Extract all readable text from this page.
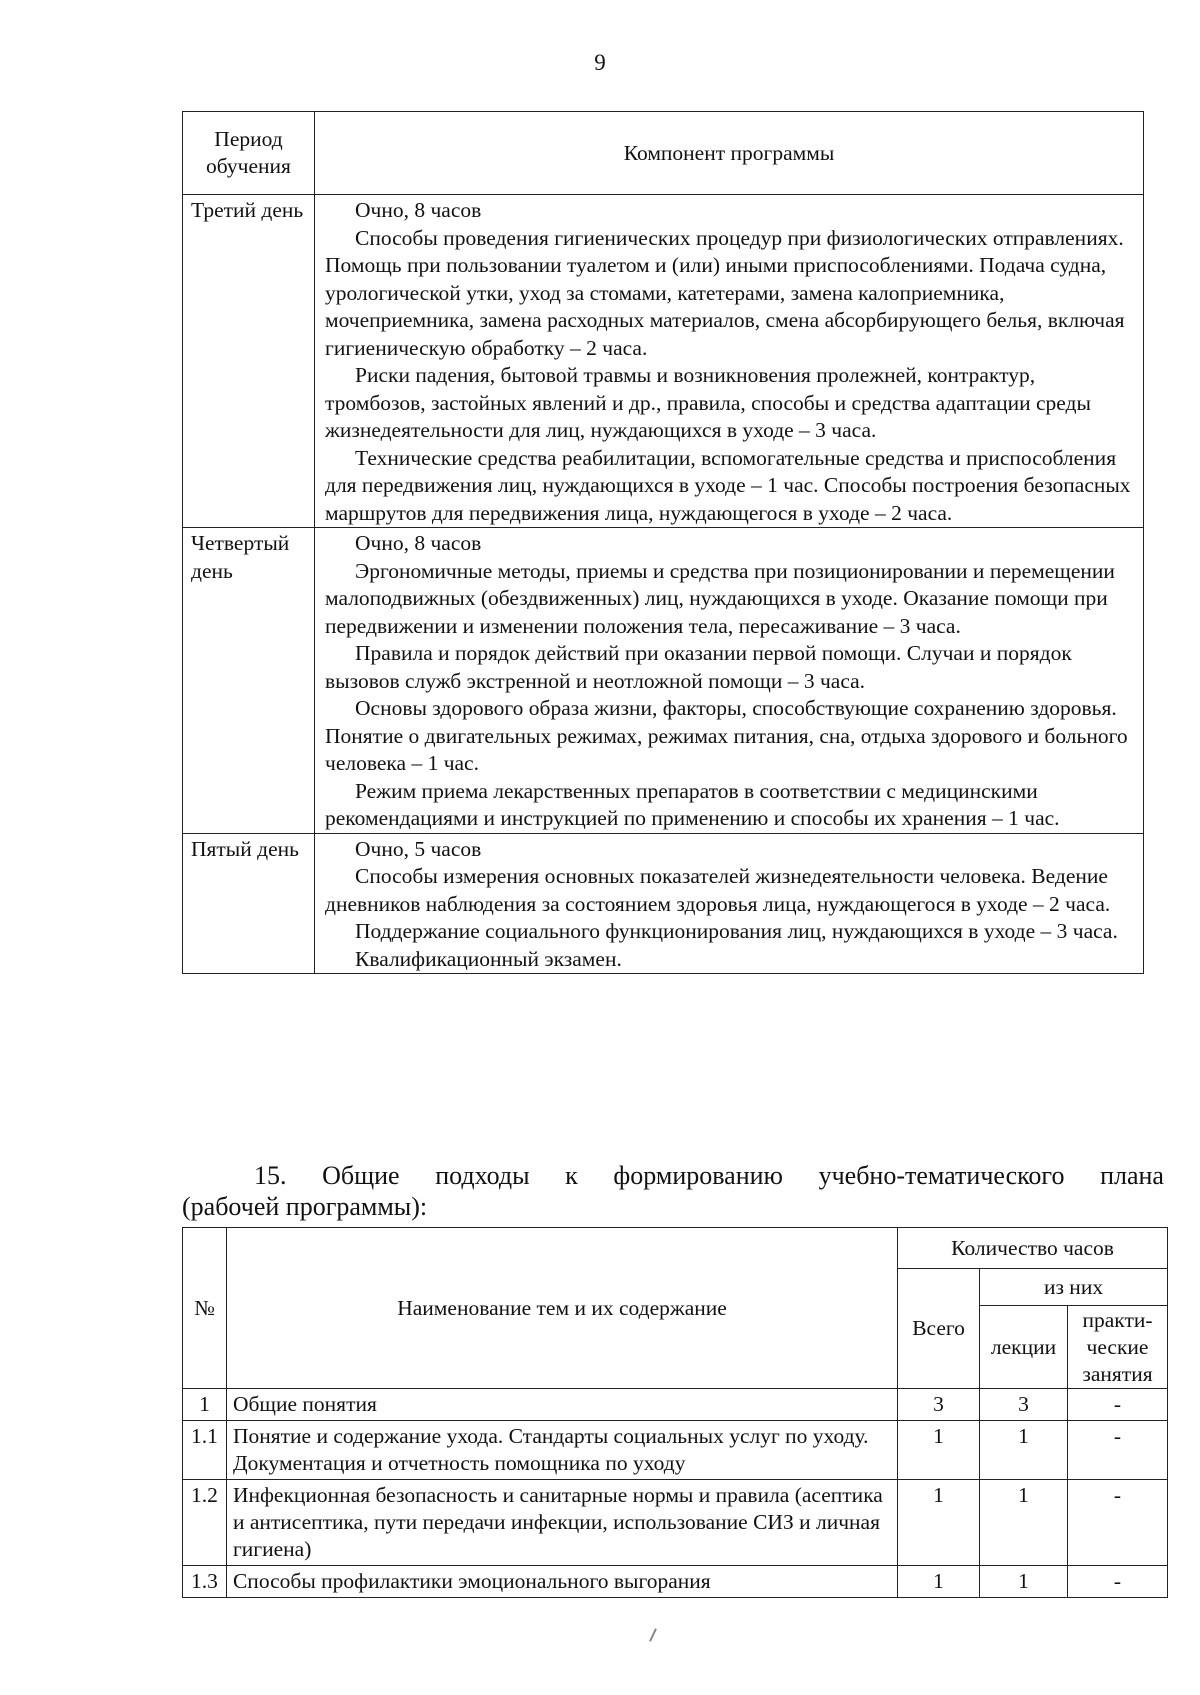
9
Период обучения	Компонент программы
Третий день	Очно, 8 часов

Способы проведения гигиенических процедур при физиологических отправлениях. Помощь при пользовании туалетом и (или) иными приспособлениями. Подача судна, урологической утки, уход за стомами, катетерами, замена калоприемника, мочеприемника, замена расходных материалов, смена абсорбирующего белья, включая гигиеническую обработку – 2 часа.

Риски падения, бытовой травмы и возникновения пролежней, контрактур, тромбозов, застойных явлений и др., правила, способы и средства адаптации среды жизнедеятельности для лиц, нуждающихся в уходе – 3 часа.

Технические средства реабилитации, вспомогательные средства и приспособления для передвижения лиц, нуждающихся в уходе – 1 час. Способы построения безопасных маршрутов для передвижения лица, нуждающегося в уходе – 2 часа.

Четвертый день	Очно, 8 часов

Эргономичные методы, приемы и средства при позиционировании и перемещении малоподвижных (обездвиженных) лиц, нуждающихся в уходе. Оказание помощи при передвижении и изменении положения тела, пересаживание – 3 часа.

Правила и порядок действий при оказании первой помощи. Случаи и порядок вызовов служб экстренной и неотложной помощи – 3 часа.

Основы здорового образа жизни, факторы, способствующие сохранению здоровья. Понятие о двигательных режимах, режимах питания, сна, отдыха здорового и больного человека – 1 час.

Режим приема лекарственных препаратов в соответствии с медицинскими рекомендациями и инструкцией по применению и способы их хранения – 1 час.

Пятый день	Очно, 5 часов

Способы измерения основных показателей жизнедеятельности человека. Ведение дневников наблюдения за состоянием здоровья лица, нуждающегося в уходе – 2 часа.

Поддержание социального функционирования лиц, нуждающихся в уходе – 3 часа.

Квалификационный экзамен.

15. Общие подходы к формированию учебно-тематического плана
(рабочей программы):
№	Наименование тем и их содержание	Количество часов		
		Всего	из них	
			лекции	практи-ческие занятия
1	Общие понятия	3	3	-
1.1	Понятие и содержание ухода. Стандарты социальных услуг по уходу. Документация и отчетность помощника по уходу	1	1	-
1.2	Инфекционная безопасность и санитарные нормы и правила (асептика и антисептика, пути передачи инфекции, использование СИЗ и личная гигиена)	1	1	-
1.3	Способы профилактики эмоционального выгорания	1	1	-
